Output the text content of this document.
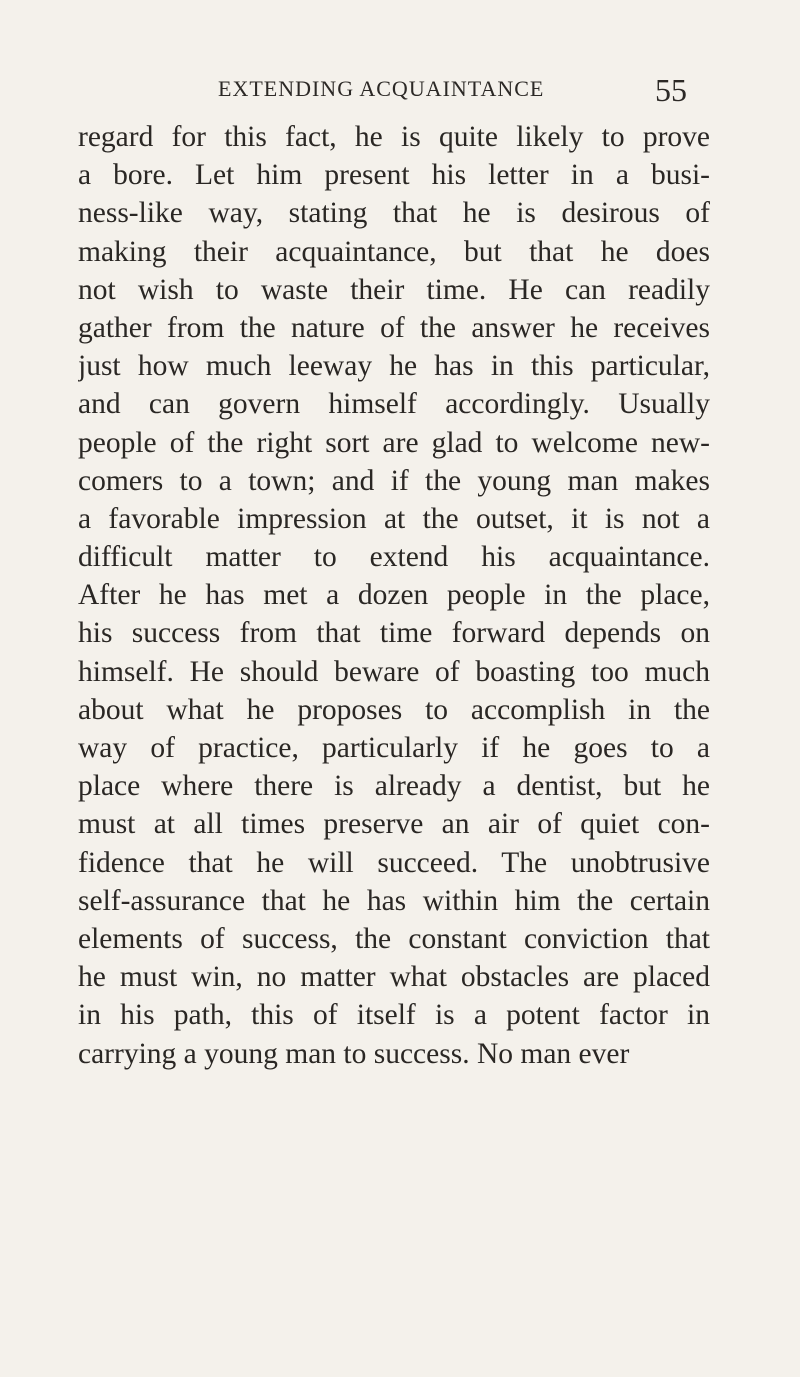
EXTENDING ACQUAINTANCE	55
regard for this fact, he is quite likely to prove
a bore. Let him present his letter in a busi-
ness-like way, stating that he is desirous of
making their acquaintance, but that he does
not wish to waste their time. He can readily
gather from the nature of the answer he receives
just how much leeway he has in this particular,
and can govern himself accordingly. Usually
people of the right sort are glad to welcome new-
comers to a town; and if the young man makes
a favorable impression at the outset, it is not a
difficult matter to extend his acquaintance.
After he has met a dozen people in the place,
his success from that time forward depends on
himself. He should beware of boasting too much
about what he proposes to accomplish in the
way of practice, particularly if he goes to a
place where there is already a dentist, but he
must at all times preserve an air of quiet con-
fidence that he will succeed. The unobtrusive
self-assurance that he has within him the certain
elements of success, the constant conviction that
he must win, no matter what obstacles are placed
in his path, this of itself is a potent factor in
carrying a young man to success. No man ever
